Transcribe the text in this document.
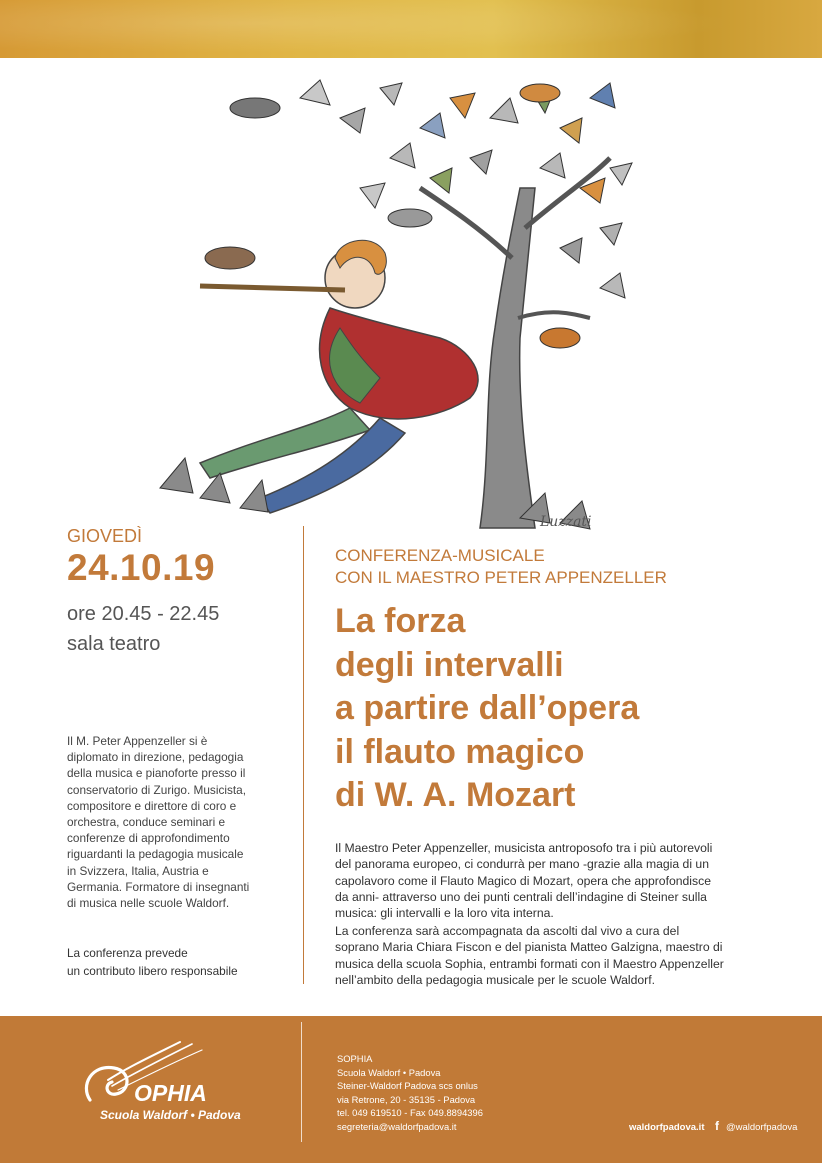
Luzzati
GIOVEDÌ
24.10.19
ore 20.45 - 22.45
sala teatro
Il M. Peter Appenzeller si è
diplomato in direzione, pedagogia
della musica e pianoforte presso il
conservatorio di Zurigo. Musicista,
compositore e direttore di coro e
orchestra, conduce seminari e
conferenze di approfondimento
riguardanti la pedagogia musicale
in Svizzera, Italia, Austria e
Germania. Formatore di insegnanti
di musica nelle scuole Waldorf.
La conferenza prevede
un contributo libero responsabile
CONFERENZA-MUSICALE
CON IL MAESTRO PETER APPENZELLER
La forza
degli intervalli
a partire dall’opera
il flauto magico
di W. A. Mozart
Il Maestro Peter Appenzeller, musicista antroposofo tra i più autorevoli
del panorama europeo, ci condurrà per mano -grazie alla magia di un
capolavoro come il Flauto Magico di Mozart, opera che approfondisce
da anni- attraverso uno dei punti centrali dell’indagine di Steiner sulla
musica: gli intervalli e la loro vita interna.
La conferenza sarà accompagnata da ascolti dal vivo a cura del
soprano Maria Chiara Fiscon e del pianista Matteo Galzigna, maestro di
musica della scuola Sophia, entrambi formati con il Maestro Appenzeller
nell’ambito della pedagogia musicale per le scuole Waldorf.
OPHIA
Scuola Waldorf • Padova
SOPHIA
Scuola Waldorf • Padova
Steiner-Waldorf Padova scs onlus
via Retrone, 20 - 35135 - Padova
tel. 049 619510 - Fax 049.8894396
segreteria@waldorfpadova.it	waldorfpadova.it f @waldorfpadova
